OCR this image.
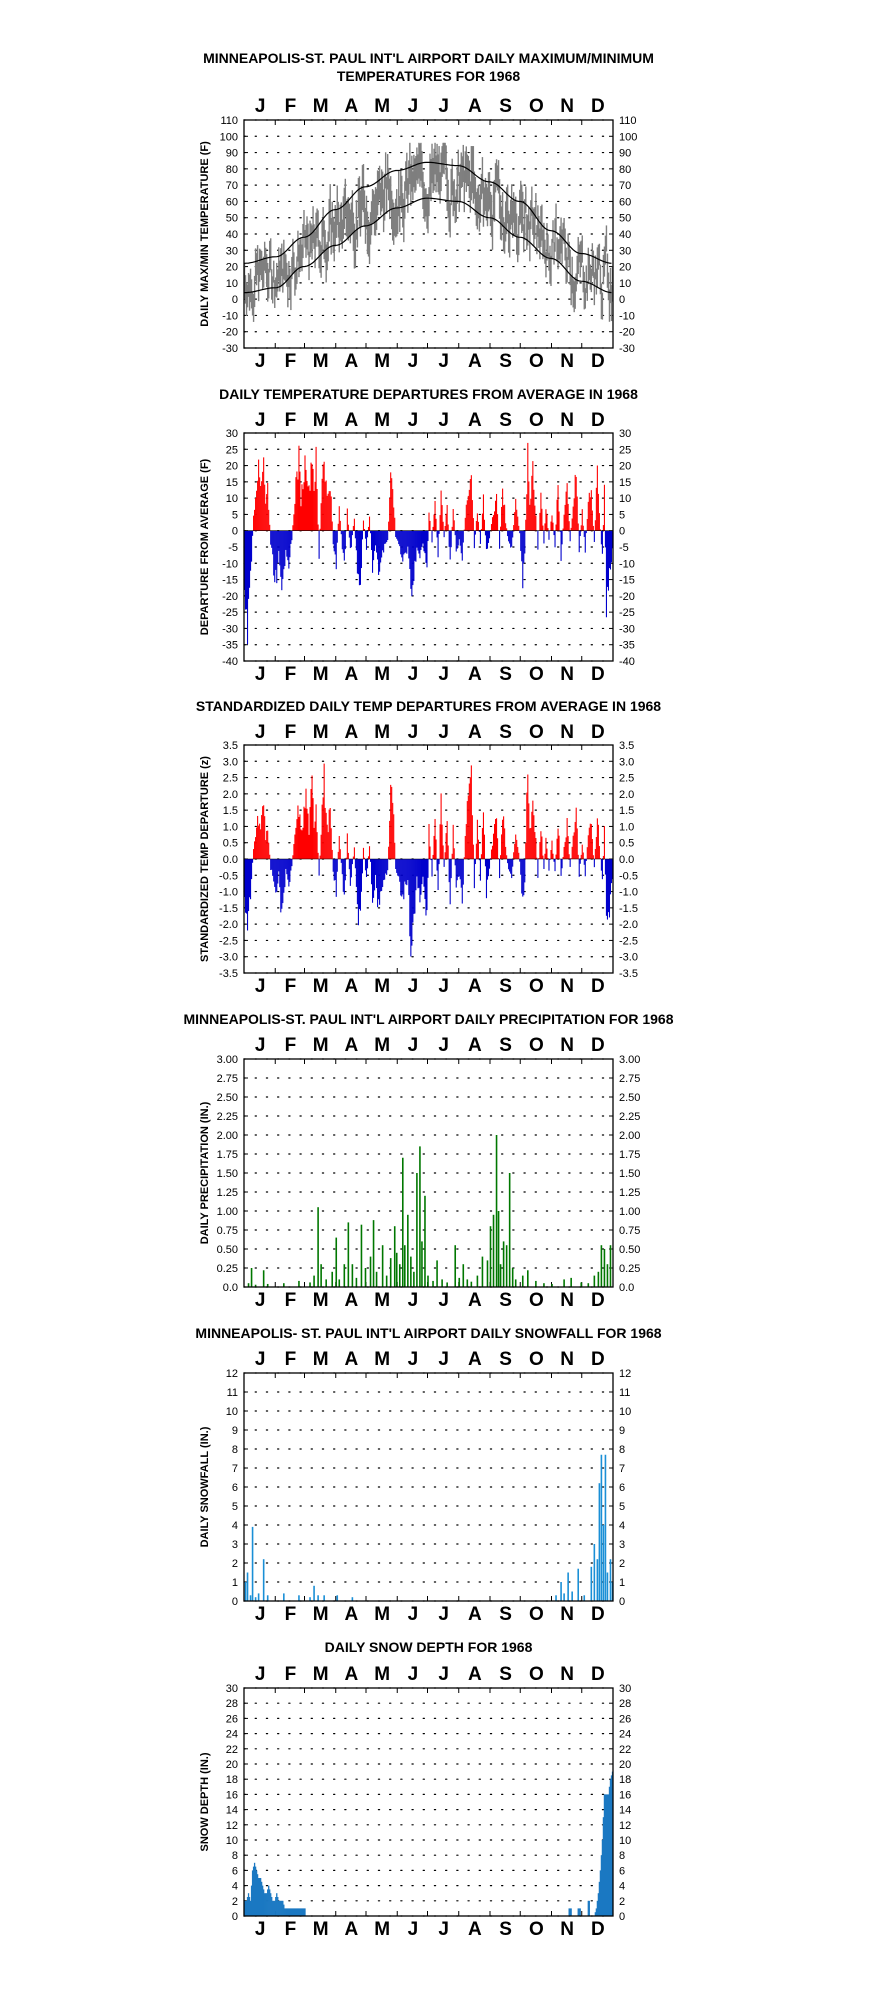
MINNEAPOLIS-ST. PAUL INT'L AIRPORT DAILY MAXIMUM/MINIMUM
TEMPERATURES FOR 1968
J
J
F
F
M
M
A
A
M
M
J
J
J
J
A
A
S
S
O
O
N
N
D
D
110	110
100	100
90	90
80	80
70	70
60	60
50	50
40	40
30	30
20	20
10	10
0	0
-10	-10
-20	-20
-30	-30
DAILY MAX/MIN TEMPERATURE (F)
DAILY TEMPERATURE DEPARTURES FROM AVERAGE IN 1968
J
J
F
F
M
M
A
A
M
M
J
J
J
J
A
A
S
S
O
O
N
N
D
D
30	30
25	25
20	20
15	15
10	10
5	5
0	0
-5	-5
-10	-10
-15	-15
-20	-20
-25	-25
-30	-30
-35	-35
-40	-40
DEPARTURE FROM AVERAGE (F)
STANDARDIZED DAILY TEMP DEPARTURES FROM AVERAGE IN 1968
J
J
F
F
M
M
A
A
M
M
J
J
J
J
A
A
S
S
O
O
N
N
D
D
3.5	3.5
3.0	3.0
2.5	2.5
2.0	2.0
1.5	1.5
1.0	1.0
0.5	0.5
0.0	0.0
-0.5	-0.5
-1.0	-1.0
-1.5	-1.5
-2.0	-2.0
-2.5	-2.5
-3.0	-3.0
-3.5	-3.5
STANDARDIZED TEMP DEPARTURE (z)
MINNEAPOLIS-ST. PAUL INT'L AIRPORT DAILY PRECIPITATION FOR 1968
J
J
F
F
M
M
A
A
M
M
J
J
J
J
A
A
S
S
O
O
N
N
D
D
3.00	3.00
2.75	2.75
2.50	2.50
2.25	2.25
2.00	2.00
1.75	1.75
1.50	1.50
1.25	1.25
1.00	1.00
0.75	0.75
0.50	0.50
0.25	0.25
0.0	0.0
DAILY PRECIPITATION (IN.)
MINNEAPOLIS- ST. PAUL INT'L AIRPORT DAILY SNOWFALL FOR 1968
J
J
F
F
M
M
A
A
M
M
J
J
J
J
A
A
S
S
O
O
N
N
D
D
12	12
11	11
10	10
9	9
8	8
7	7
6	6
5	5
4	4
3	3
2	2
1	1
0	0
DAILY SNOWFALL (IN.)
DAILY SNOW DEPTH FOR 1968
J
J
F
F
M
M
A
A
M
M
J
J
J
J
A
A
S
S
O
O
N
N
D
D
30	30
28	28
26	26
24	24
22	22
20	20
18	18
16	16
14	14
12	12
10	10
8	8
6	6
4	4
2	2
0	0
SNOW DEPTH (IN.)
